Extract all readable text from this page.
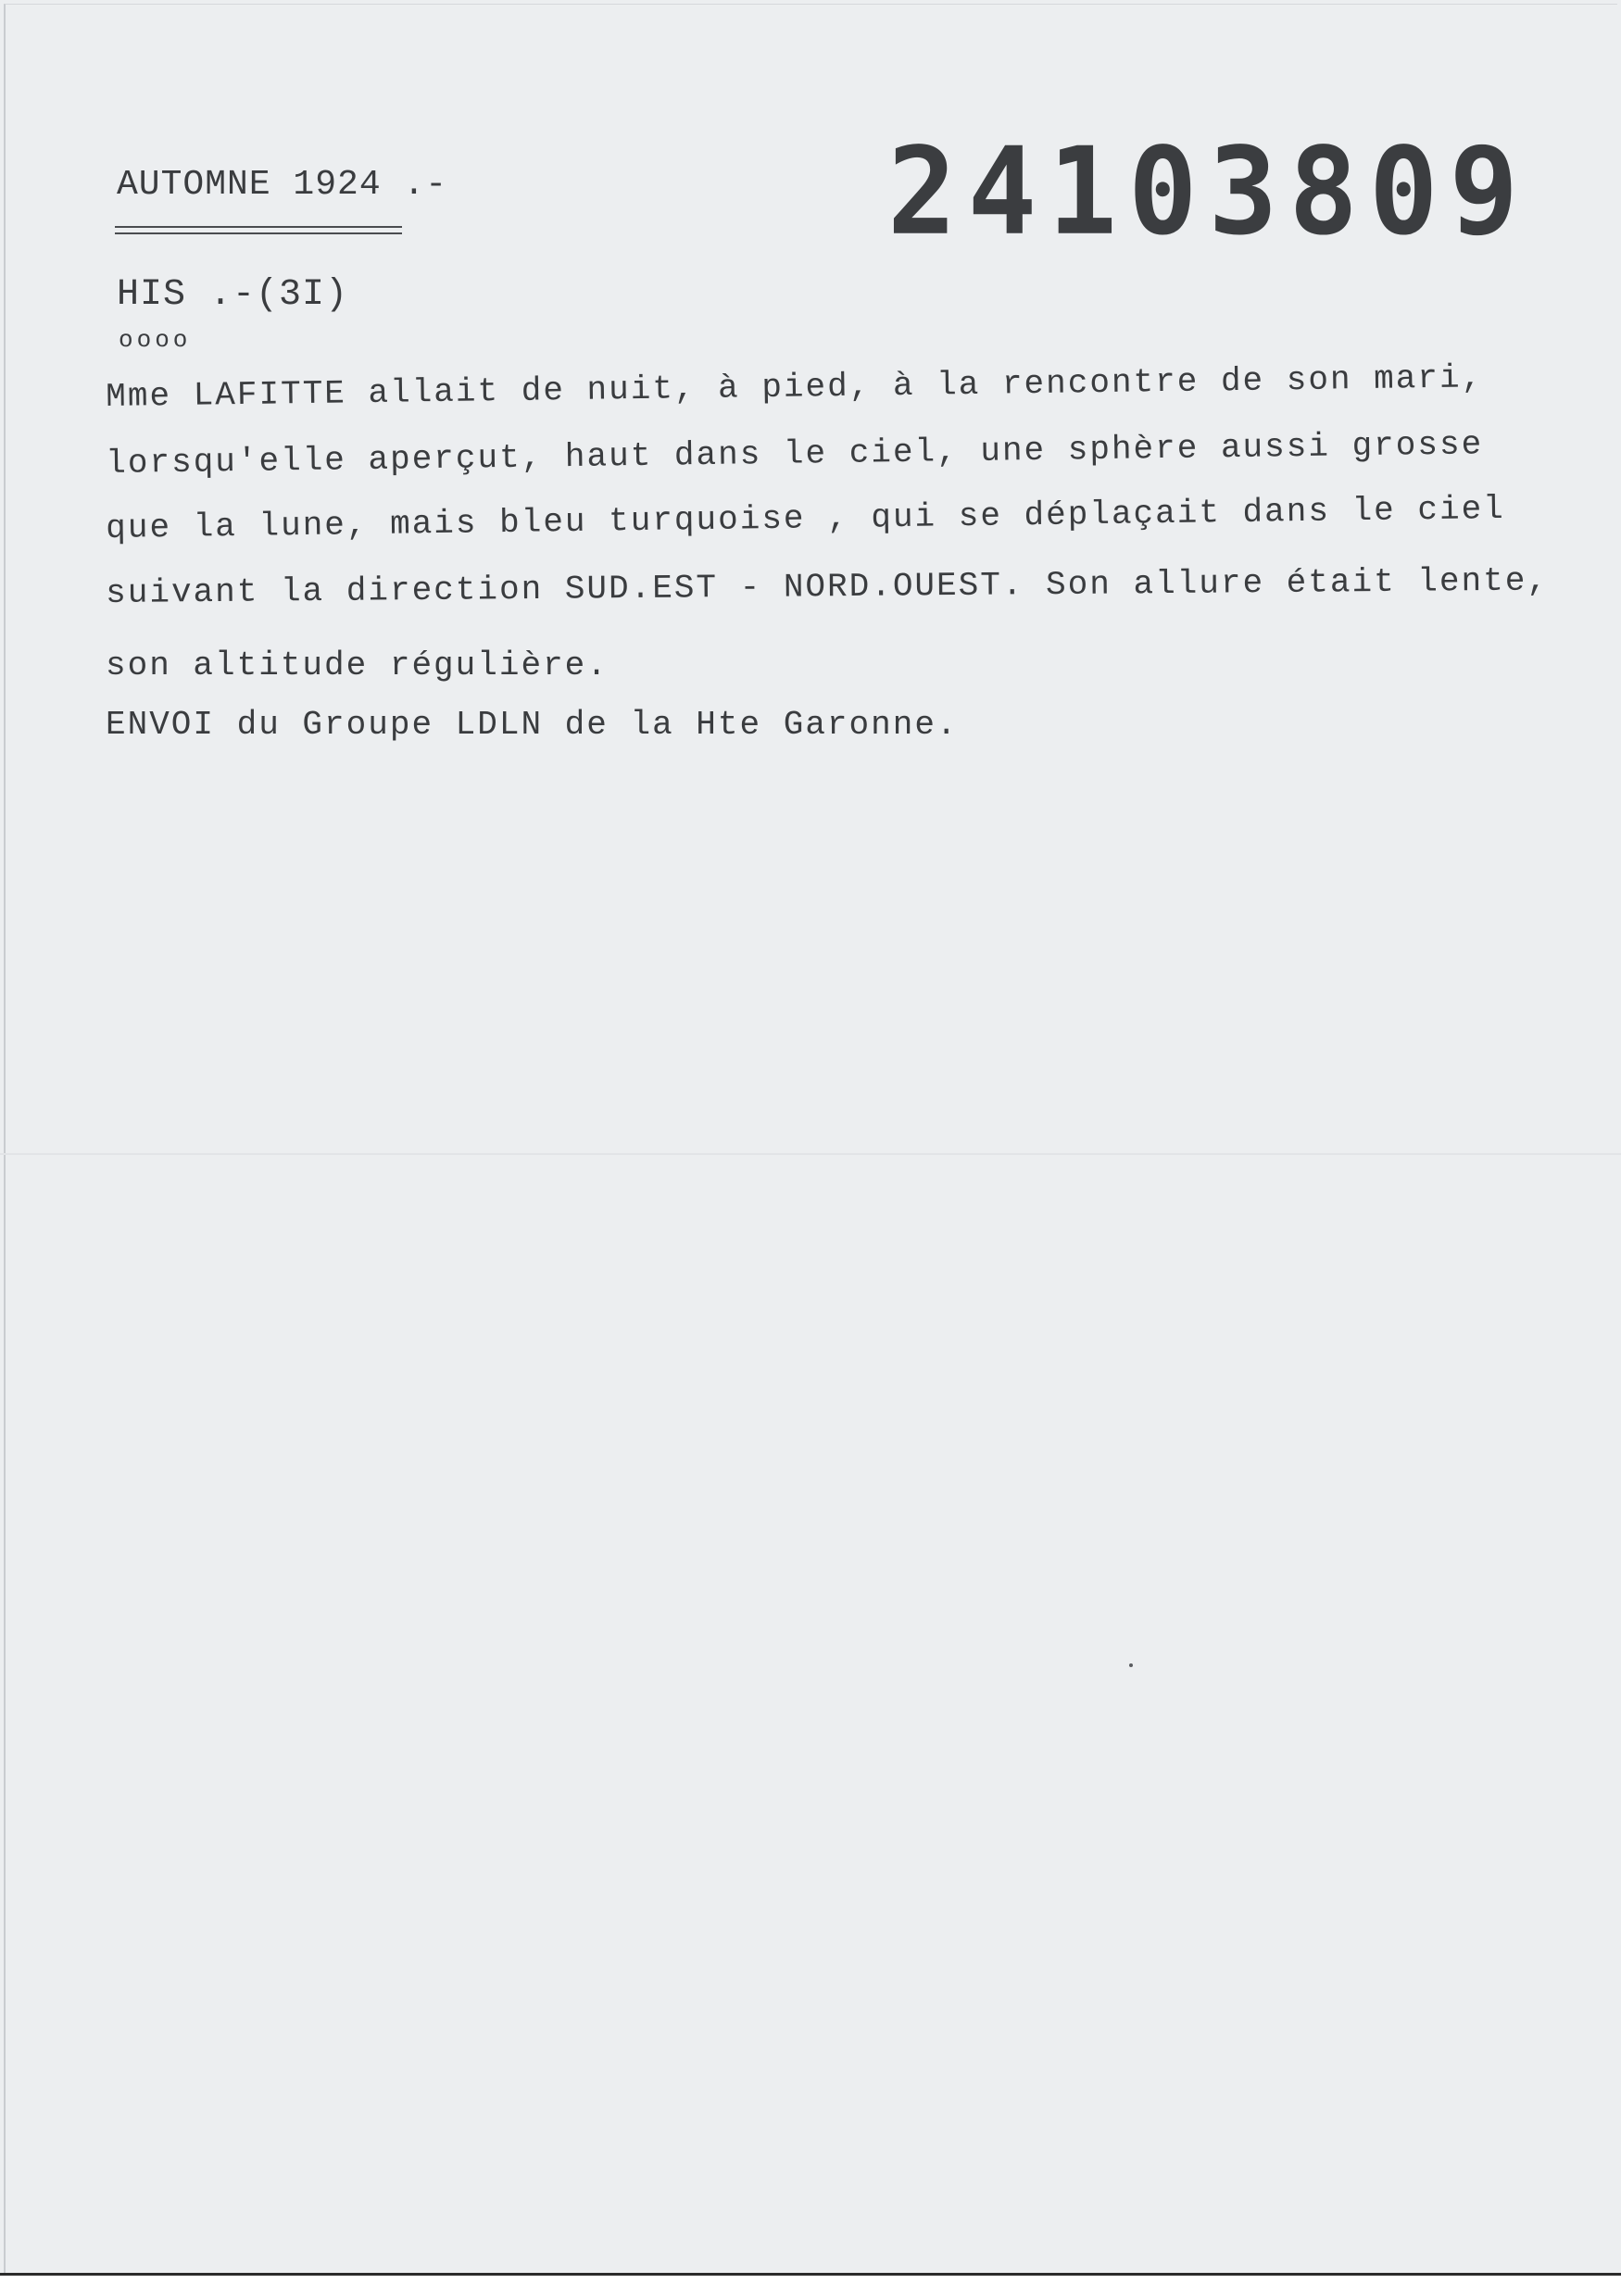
AUTOMNE 1924 .-	24103809
HIS .-(3I)
oooo
Mme LAFITTE allait de nuit, à pied, à la rencontre de son mari,
lorsqu'elle aperçut, haut dans le ciel, une sphère aussi grosse
que la lune, mais bleu turquoise , qui se déplaçait dans le ciel
suivant la direction SUD.EST - NORD.OUEST. Son allure était lente,
son altitude régulière.
ENVOI du Groupe LDLN de la Hte Garonne.
